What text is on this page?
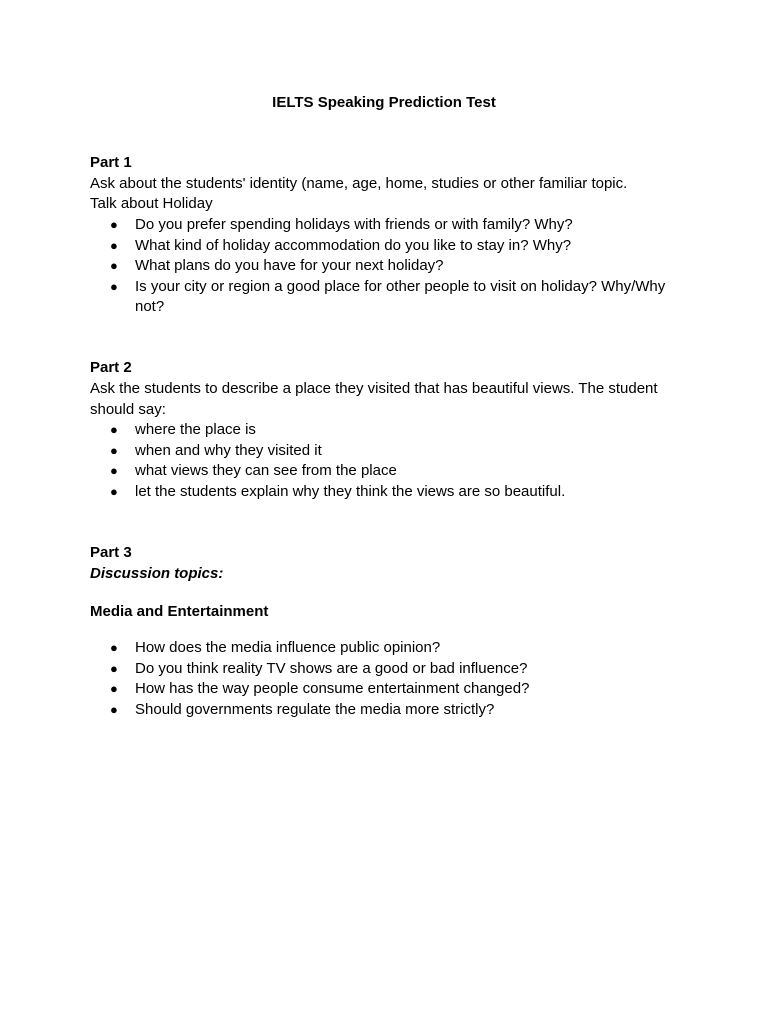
IELTS Speaking Prediction Test
Part 1
Ask about the students' identity (name, age, home, studies or other familiar topic.
Talk about Holiday
● Do you prefer spending holidays with friends or with family? Why?
● What kind of holiday accommodation do you like to stay in? Why?
● What plans do you have for your next holiday?
● Is your city or region a good place for other people to visit on holiday? Why/Why not?
Part 2
Ask the students to describe a place they visited that has beautiful views. The student
should say:
● where the place is
● when and why they visited it
● what views they can see from the place
● let the students explain why they think the views are so beautiful.
Part 3
Discussion topics:
Media and Entertainment
● How does the media influence public opinion?
● Do you think reality TV shows are a good or bad influence?
● How has the way people consume entertainment changed?
● Should governments regulate the media more strictly?
